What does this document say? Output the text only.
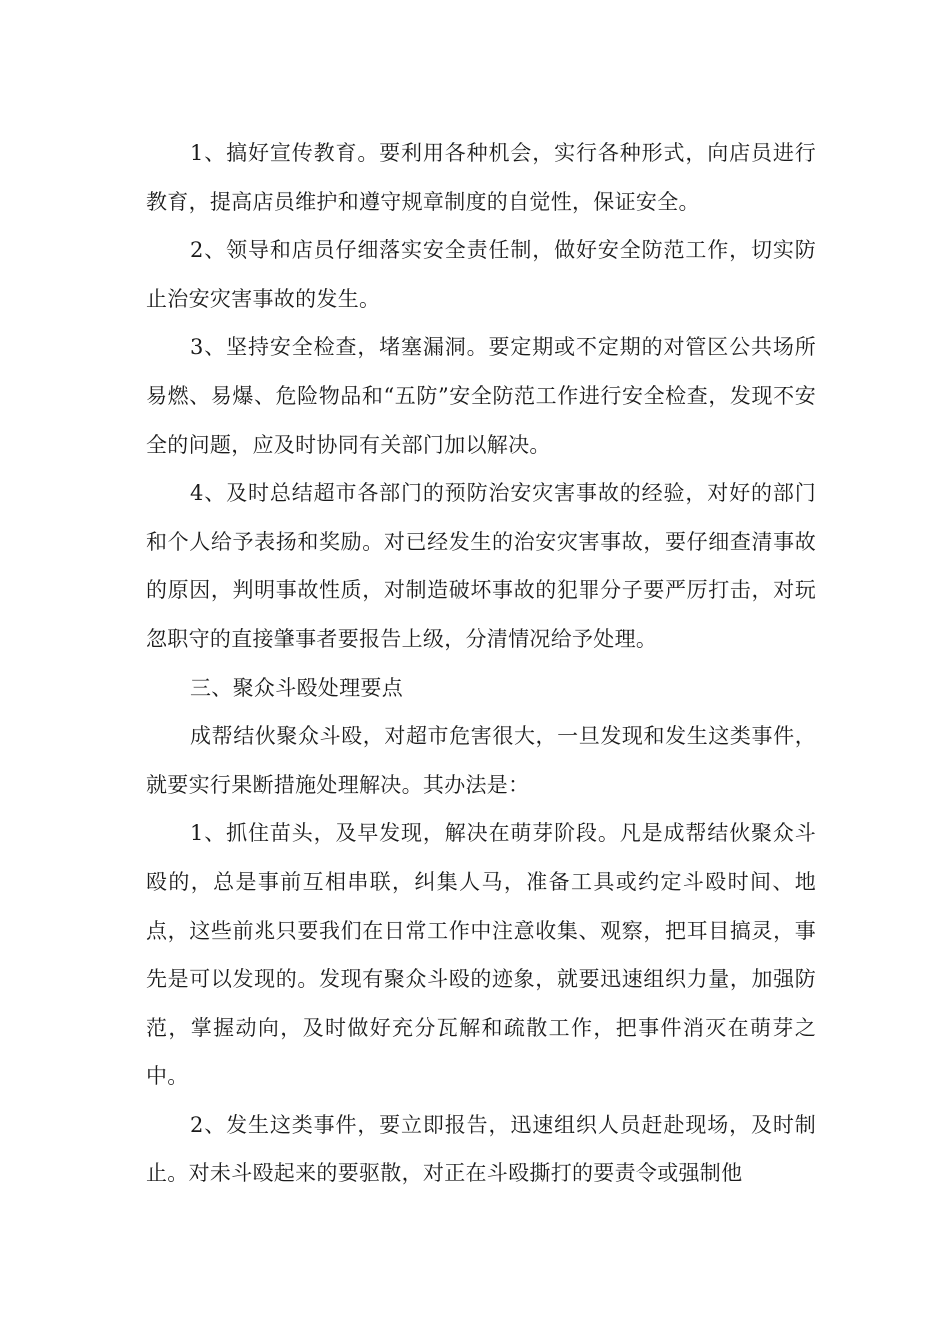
1、搞好宣传教育。要利用各种机会，实行各种形式，向店员进行教育，提高店员维护和遵守规章制度的自觉性，保证安全。

2、领导和店员仔细落实安全责任制，做好安全防范工作，切实防止治安灾害事故的发生。

3、坚持安全检查，堵塞漏洞。要定期或不定期的对管区公共场所易燃、易爆、危险物品和“五防”安全防范工作进行安全检查，发现不安全的问题，应及时协同有关部门加以解决。

4、及时总结超市各部门的预防治安灾害事故的经验，对好的部门和个人给予表扬和奖励。对已经发生的治安灾害事故，要仔细查清事故的原因，判明事故性质，对制造破坏事故的犯罪分子要严厉打击，对玩忽职守的直接肇事者要报告上级，分清情况给予处理。

三、聚众斗殴处理要点

成帮结伙聚众斗殴，对超市危害很大，一旦发现和发生这类事件，就要实行果断措施处理解决。其办法是：

1、抓住苗头，及早发现，解决在萌芽阶段。凡是成帮结伙聚众斗殴的，总是事前互相串联，纠集人马，准备工具或约定斗殴时间、地点，这些前兆只要我们在日常工作中注意收集、观察，把耳目搞灵，事先是可以发现的。发现有聚众斗殴的迹象，就要迅速组织力量，加强防范，掌握动向，及时做好充分瓦解和疏散工作，把事件消灭在萌芽之中。

2、发生这类事件，要立即报告，迅速组织人员赶赴现场，及时制止。对未斗殴起来的要驱散，对正在斗殴撕打的要责令或强制他
